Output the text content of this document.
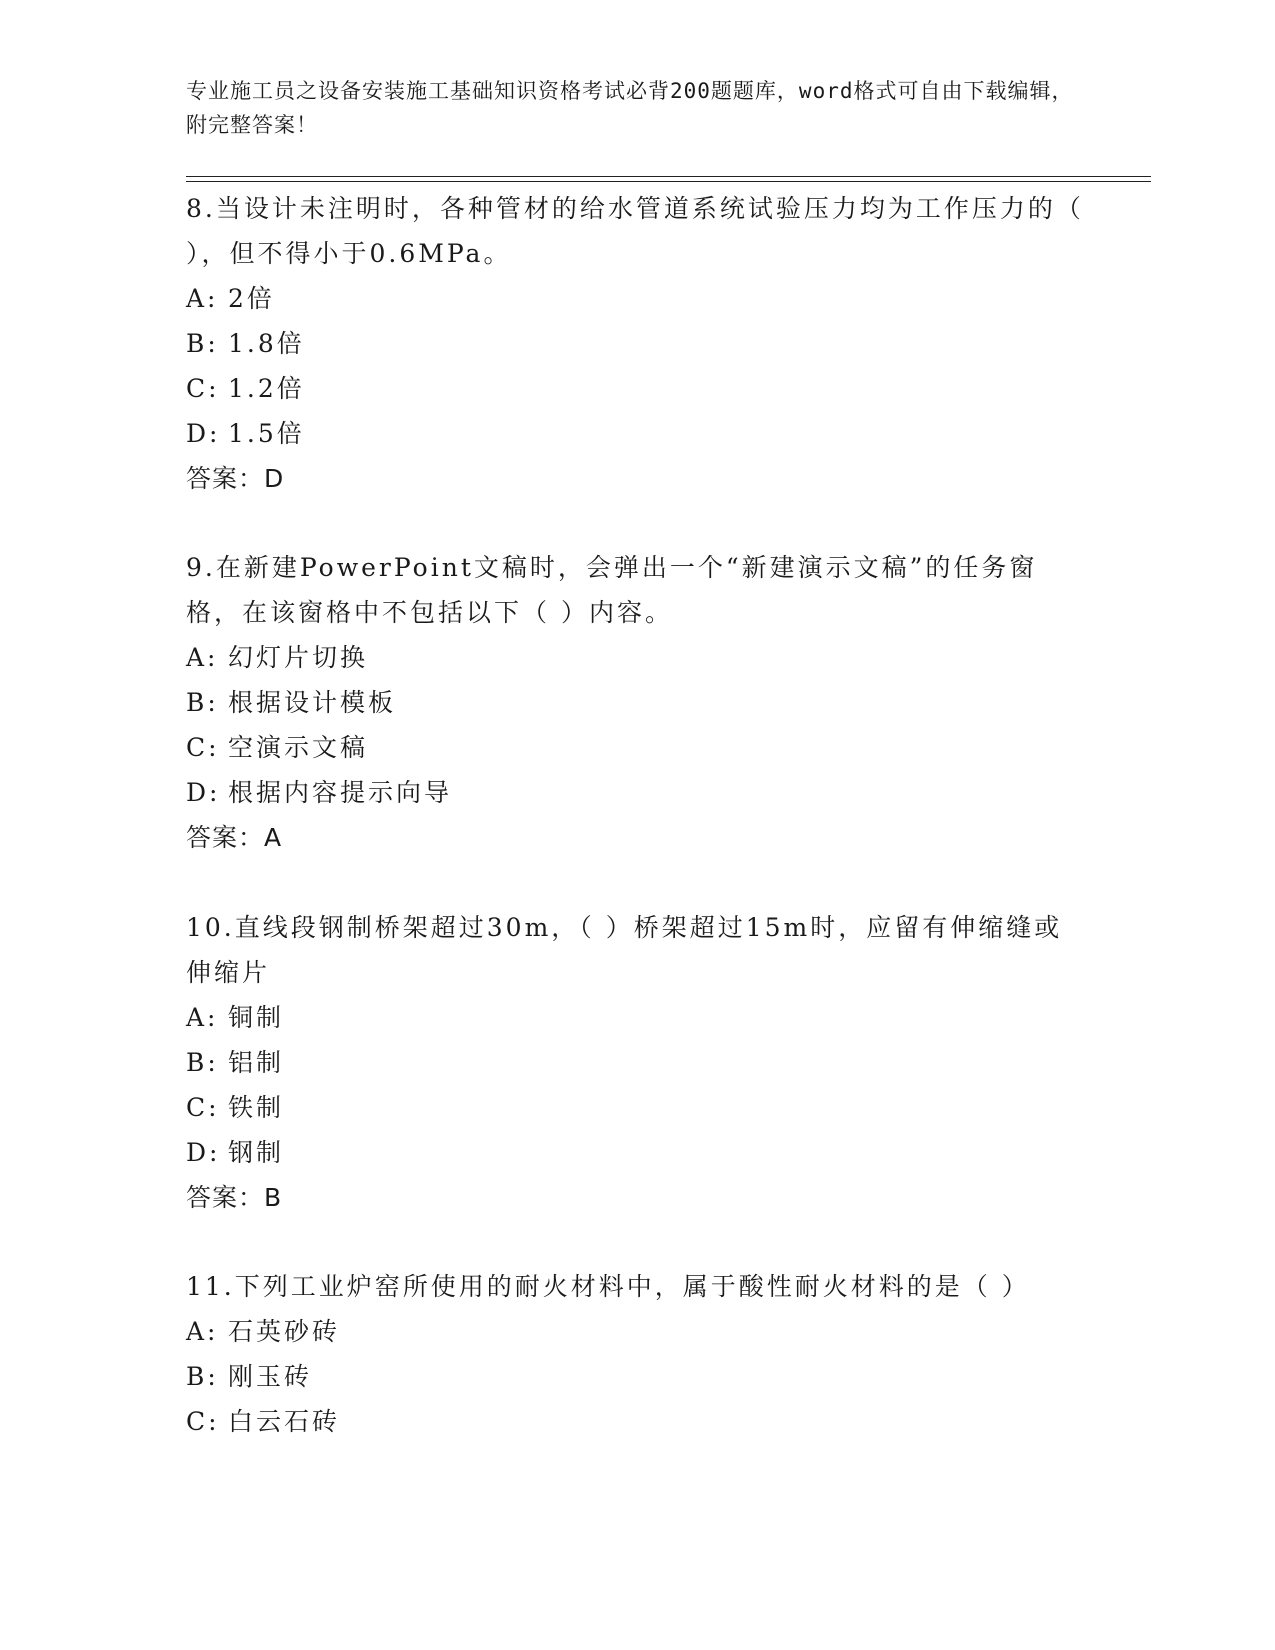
专业施工员之设备安装施工基础知识资格考试必背200题题库，word格式可自由下载编辑，附完整答案！
8.当设计未注明时，各种管材的给水管道系统试验压力均为工作压力的（ ），但不得小于0.6MPa。
A: 2倍
B: 1.8倍
C: 1.2倍
D: 1.5倍
答案：D
9.在新建PowerPoint文稿时，会弹出一个“新建演示文稿”的任务窗格，在该窗格中不包括以下（ ）内容。
A: 幻灯片切换
B: 根据设计模板
C: 空演示文稿
D: 根据内容提示向导
答案：A
10.直线段钢制桥架超过30m，（ ）桥架超过15m时，应留有伸缩缝或伸缩片
A: 铜制
B: 铝制
C: 铁制
D: 钢制
答案：B
11.下列工业炉窑所使用的耐火材料中，属于酸性耐火材料的是（ ）
A: 石英砂砖
B: 刚玉砖
C: 白云石砖
